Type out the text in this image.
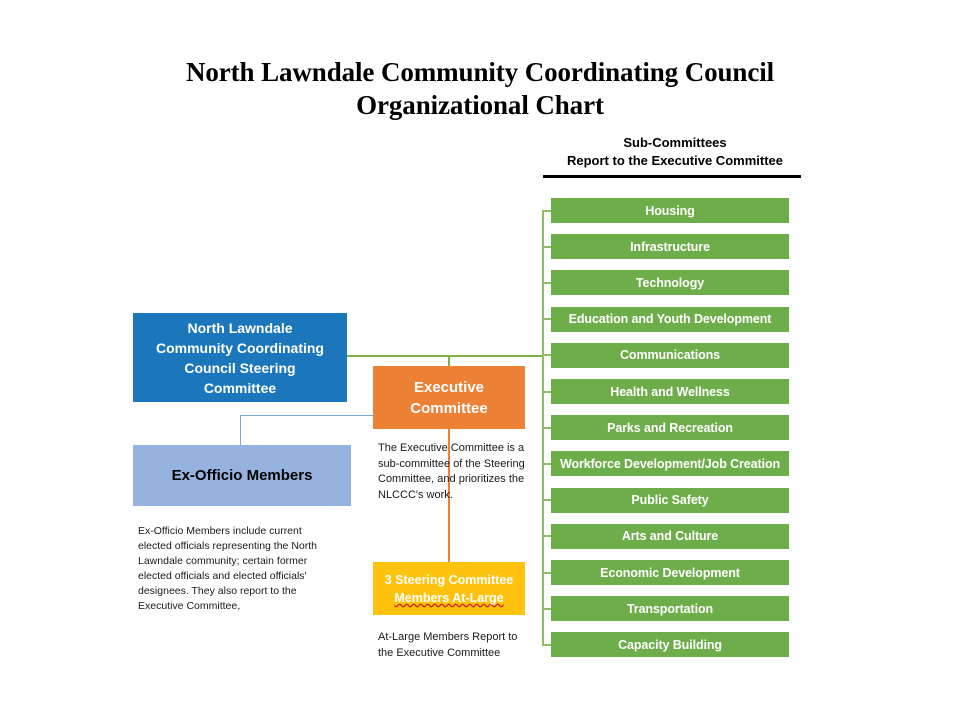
North Lawndale Community Coordinating Council
Organizational Chart
Sub-Committees
Report to the Executive Committee
North Lawndale
Community Coordinating
Council Steering
Committee	Executive
Committee
The Executive Committee is a sub-committee of the Steering Committee, and prioritizes the NLCCC's work.
Ex-Officio Members
Ex-Officio Members include current elected officials representing the North Lawndale community; certain former elected officials and elected officials' designees. They also report to the Executive Committee,
3 Steering Committee
Members At-Large
At-Large Members Report to the Executive Committee
Housing
Infrastructure
Technology
Education and Youth Development
Communications
Health and Wellness
Parks and Recreation
Workforce Development/Job Creation
Public Safety
Arts and Culture
Economic Development
Transportation
Capacity Building
